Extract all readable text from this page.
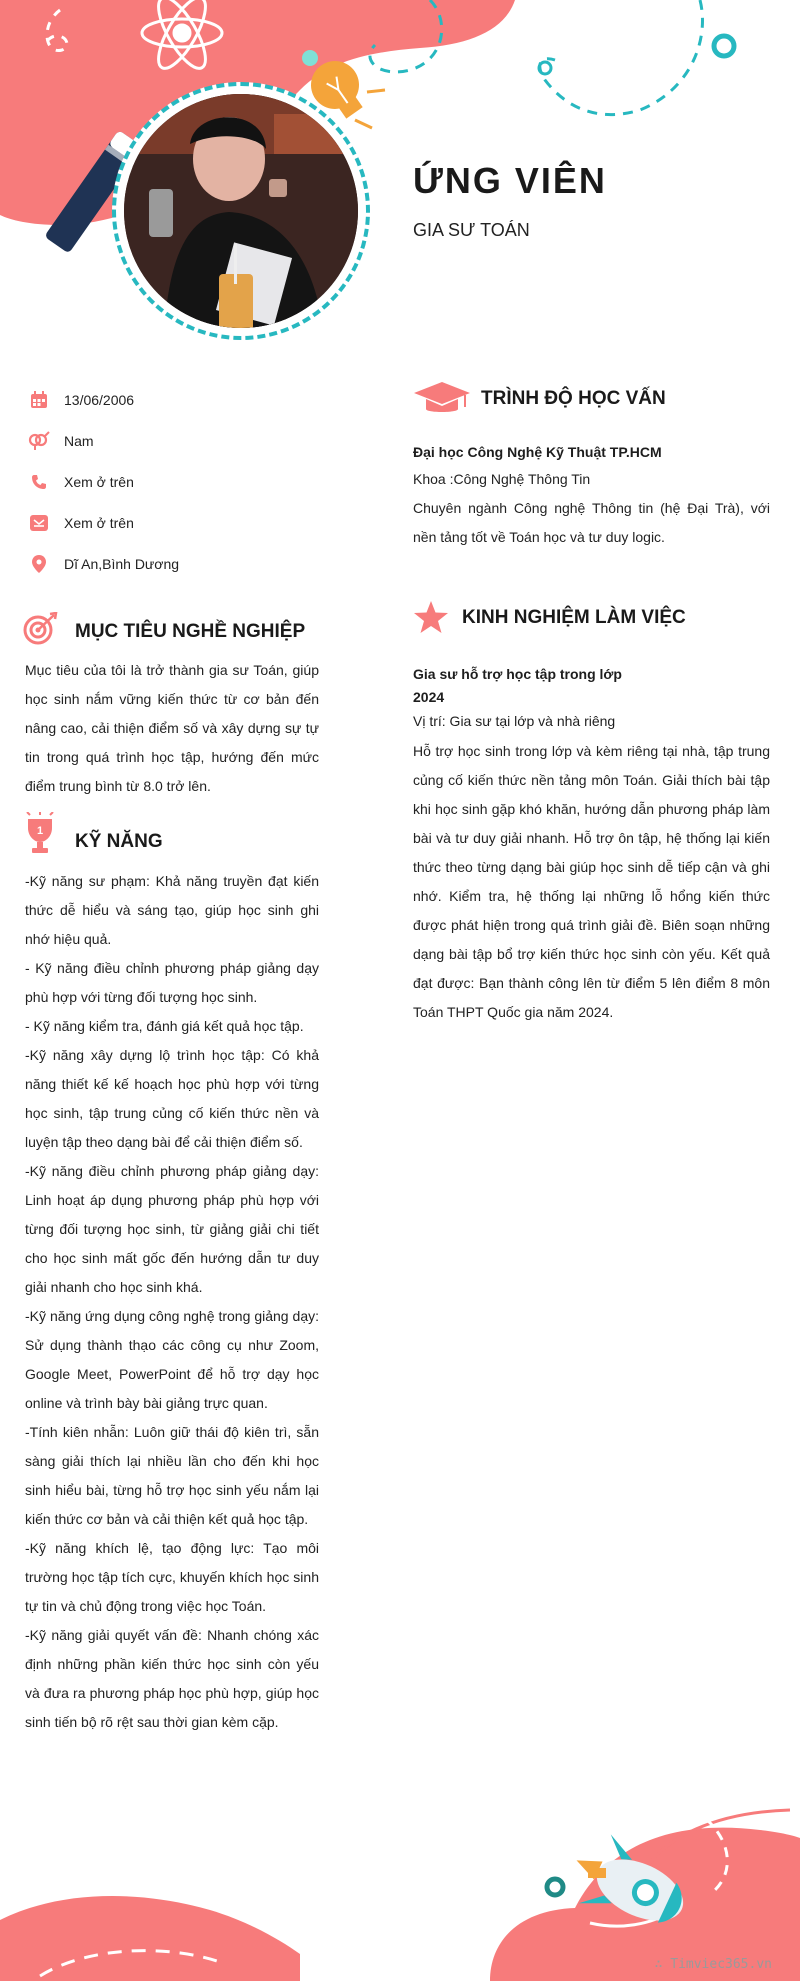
ỨNG VIÊN
GIA SƯ TOÁN
13/06/2006
Nam
Xem ở trên
Xem ở trên
Dĩ An,Bình Dương
MỤC TIÊU NGHỀ NGHIỆP
Mục tiêu của tôi là trở thành gia sư Toán, giúp học sinh nắm vững kiến thức từ cơ bản đến nâng cao, cải thiện điểm số và xây dựng sự tự tin trong quá trình học tập, hướng đến mức điểm trung bình từ 8.0 trở lên.
1 KỸ NĂNG

-Kỹ năng sư phạm: Khả năng truyền đạt kiến thức dễ hiểu và sáng tạo, giúp học sinh ghi nhớ hiệu quả.

- Kỹ năng điều chỉnh phương pháp giảng dạy phù hợp với từng đối tượng học sinh.

- Kỹ năng kiểm tra, đánh giá kết quả học tập.

-Kỹ năng xây dựng lộ trình học tập: Có khả năng thiết kế kế hoạch học phù hợp với từng học sinh, tập trung củng cố kiến thức nền và luyện tập theo dạng bài để cải thiện điểm số.

-Kỹ năng điều chỉnh phương pháp giảng dạy: Linh hoạt áp dụng phương pháp phù hợp với từng đối tượng học sinh, từ giảng giải chi tiết cho học sinh mất gốc đến hướng dẫn tư duy giải nhanh cho học sinh khá.

-Kỹ năng ứng dụng công nghệ trong giảng dạy: Sử dụng thành thạo các công cụ như Zoom, Google Meet, PowerPoint để hỗ trợ dạy học online và trình bày bài giảng trực quan.

-Tính kiên nhẫn: Luôn giữ thái độ kiên trì, sẵn sàng giải thích lại nhiều lần cho đến khi học sinh hiểu bài, từng hỗ trợ học sinh yếu nắm lại kiến thức cơ bản và cải thiện kết quả học tập.

-Kỹ năng khích lệ, tạo động lực: Tạo môi trường học tập tích cực, khuyến khích học sinh tự tin và chủ động trong việc học Toán.

-Kỹ năng giải quyết vấn đề: Nhanh chóng xác định những phần kiến thức học sinh còn yếu và đưa ra phương pháp học phù hợp, giúp học sinh tiến bộ rõ rệt sau thời gian kèm cặp.

TRÌNH ĐỘ HỌC VẤN
Đại học Công Nghệ Kỹ Thuật TP.HCM
Khoa :Công Nghệ Thông Tin
Chuyên ngành Công nghệ Thông tin (hệ Đại Trà), với nền tảng tốt về Toán học và tư duy logic.
KINH NGHIỆM LÀM VIỆC
Gia sư hỗ trợ học tập trong lớp
2024
Vị trí: Gia sư tại lớp và nhà riêng
Hỗ trợ học sinh trong lớp và kèm riêng tại nhà, tập trung củng cố kiến thức nền tảng môn Toán. Giải thích bài tập khi học sinh gặp khó khăn, hướng dẫn phương pháp làm bài và tư duy giải nhanh. Hỗ trợ ôn tập, hệ thống lại kiến thức theo từng dạng bài giúp học sinh dễ tiếp cận và ghi nhớ. Kiểm tra, hệ thống lại những lỗ hổng kiến thức được phát hiện trong quá trình giải đề. Biên soạn những dạng bài tập bổ trợ kiến thức học sinh còn yếu. Kết quả đạt được: Bạn thành công lên từ điểm 5 lên điểm 8 môn Toán THPT Quốc gia năm 2024.
∴ Timviec365.vn
